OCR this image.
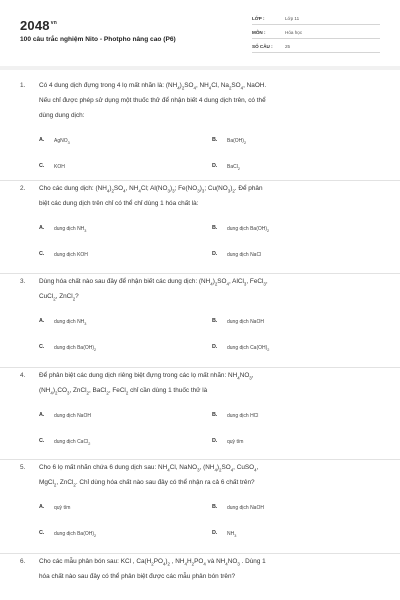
$2048^{vn}$
100 câu trắc nghiệm Nito - Photpho nâng cao (P6)
LỚP :	Lớp 11
MÔN :	Hóa học
SỐ CÂU :	25
1. Có 4 dung dịch đựng trong 4 lọ mất nhãn là: $(NH_4)_2SO_4$, $NH_4Cl$, $Na_2SO_4$, NaOH.
Nếu chỉ được phép sử dụng một thuốc thử để nhận biết 4 dung dịch trên, có thể
dùng dung dịch:
A. AgNO$_3$	B. $Ba(OH)_2$
C. KOH	D. BaCl$_2$
2. Cho các dung dịch: $(NH_4)_2SO_4$, $NH_4Cl$; $Al(NO_3)_3$; $Fe(NO_3)_3$; $Cu(NO_3)_2$. Để phân
biệt các dung dịch trên chỉ có thể chỉ dùng 1 hóa chất là:
A. dung dịch $NH_3$	B. dung dịch $Ba(OH)_2$
C. dung dịch KOH	D. dung dịch NaCl
3. Dùng hóa chất nào sau đây để nhận biết các dung dịch: $(NH_4)_2SO_4$, AlCl$_3$, FeCl$_3$,
CuCl$_2$, ZnCl$_2$?
A. dung dịch $NH_3$	B. dung dịch NaOH
C. dung dịch $Ba(OH)_2$	D. dung dịch $Ca(OH)_2$
4. Để phân biệt các dung dịch riêng biệt đựng trong các lọ mất nhãn: $NH_4NO_3$,
$(NH_4)_2CO_3$, ZnCl$_2$, BaCl$_2$, FeCl$_2$ chỉ cần dùng 1 thuốc thử là
A. dung dịch NaOH	B. dung dịch HCl
C. dung dịch CaCl$_2$	D. quỳ tím
5. Cho 6 lọ mất nhãn chứa 6 dung dịch sau: $NH_4Cl$, NaNO$_3$, $(NH_4)_2SO_4$, CuSO$_4$,
MgCl$_2$, ZnCl$_2$. Chỉ dùng hóa chất nào sau đây có thể nhận ra cả 6 chất trên?
A. quỳ tím	B. dung dịch NaOH
C. dung dịch $Ba(OH)_2$	D. $NH_3$
6. Cho các mẫu phân bón sau: KCl , $Ca(H_2PO_4)_2$ , $NH_4H_2PO_4$ và $NH_4NO_3$ . Dùng 1
hóa chất nào sau đây có thể phân biệt được các mẫu phân bón trên?
